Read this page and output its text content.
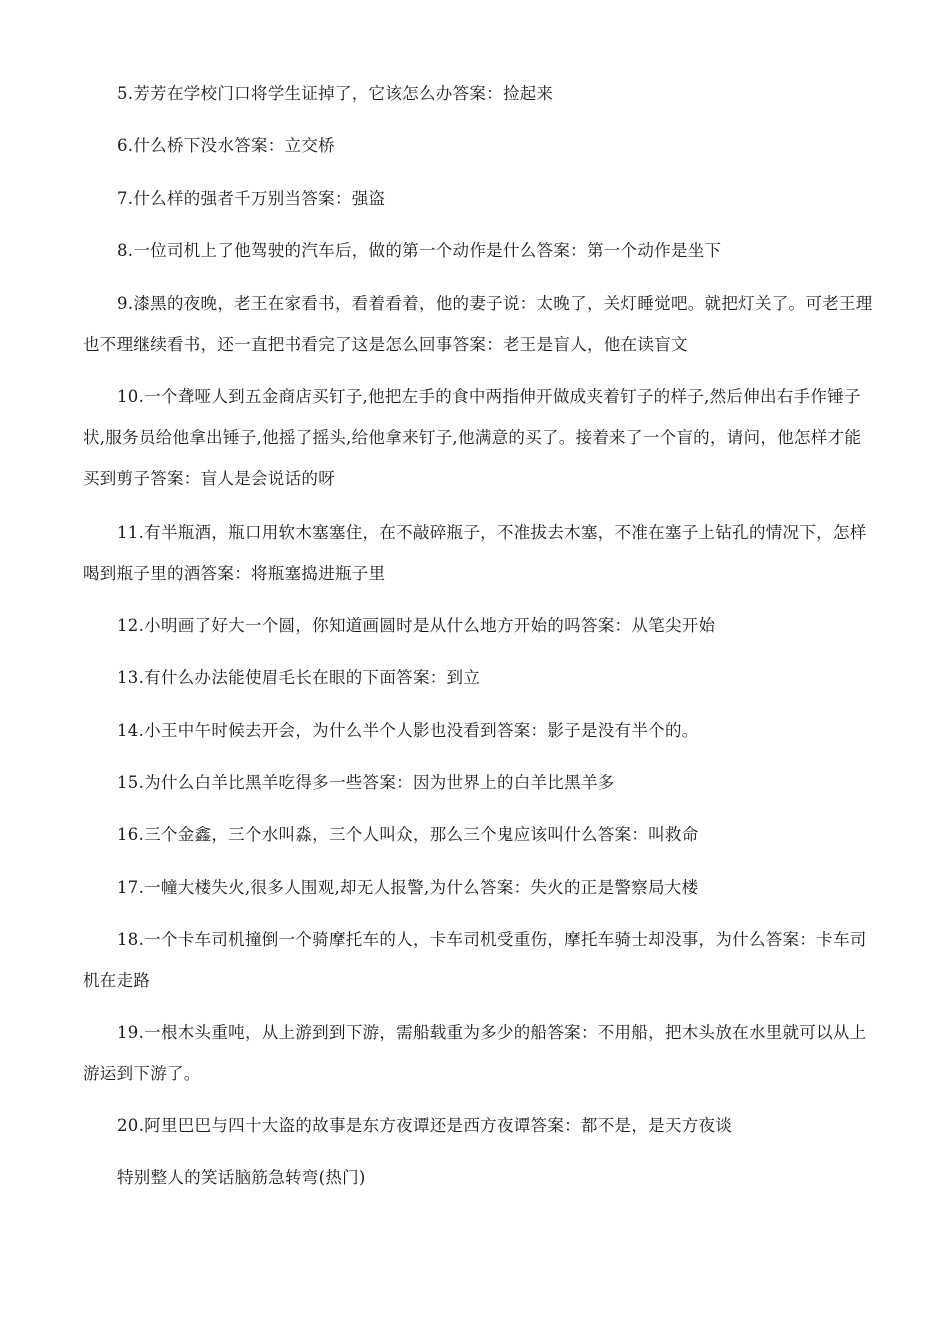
5.芳芳在学校门口将学生证掉了，它该怎么办答案：捡起来

6.什么桥下没水答案：立交桥

7.什么样的强者千万别当答案：强盗

8.一位司机上了他驾驶的汽车后，做的第一个动作是什么答案：第一个动作是坐下

9.漆黑的夜晚，老王在家看书，看着看着，他的妻子说：太晚了，关灯睡觉吧。就把灯关了。可老王理也不理继续看书，还一直把书看完了这是怎么回事答案：老王是盲人，他在读盲文

10.一个聋哑人到五金商店买钉子,他把左手的食中两指伸开做成夹着钉子的样子,然后伸出右手作锤子状,服务员给他拿出锤子,他摇了摇头,给他拿来钉子,他满意的买了。接着来了一个盲的，请问，他怎样才能买到剪子答案：盲人是会说话的呀

11.有半瓶酒，瓶口用软木塞塞住，在不敲碎瓶子，不准拔去木塞，不准在塞子上钻孔的情况下，怎样喝到瓶子里的酒答案：将瓶塞捣进瓶子里

12.小明画了好大一个圆，你知道画圆时是从什么地方开始的吗答案：从笔尖开始

13.有什么办法能使眉毛长在眼的下面答案：到立

14.小王中午时候去开会，为什么半个人影也没看到答案：影子是没有半个的。

15.为什么白羊比黑羊吃得多一些答案：因为世界上的白羊比黑羊多

16.三个金鑫，三个水叫淼，三个人叫众，那么三个鬼应该叫什么答案：叫救命

17.一幢大楼失火,很多人围观,却无人报警,为什么答案：失火的正是警察局大楼

18.一个卡车司机撞倒一个骑摩托车的人，卡车司机受重伤，摩托车骑士却没事，为什么答案：卡车司机在走路

19.一根木头重吨，从上游到到下游，需船载重为多少的船答案：不用船，把木头放在水里就可以从上游运到下游了。

20.阿里巴巴与四十大盗的故事是东方夜谭还是西方夜谭答案：都不是，是天方夜谈

特别整人的笑话脑筋急转弯(热门)
